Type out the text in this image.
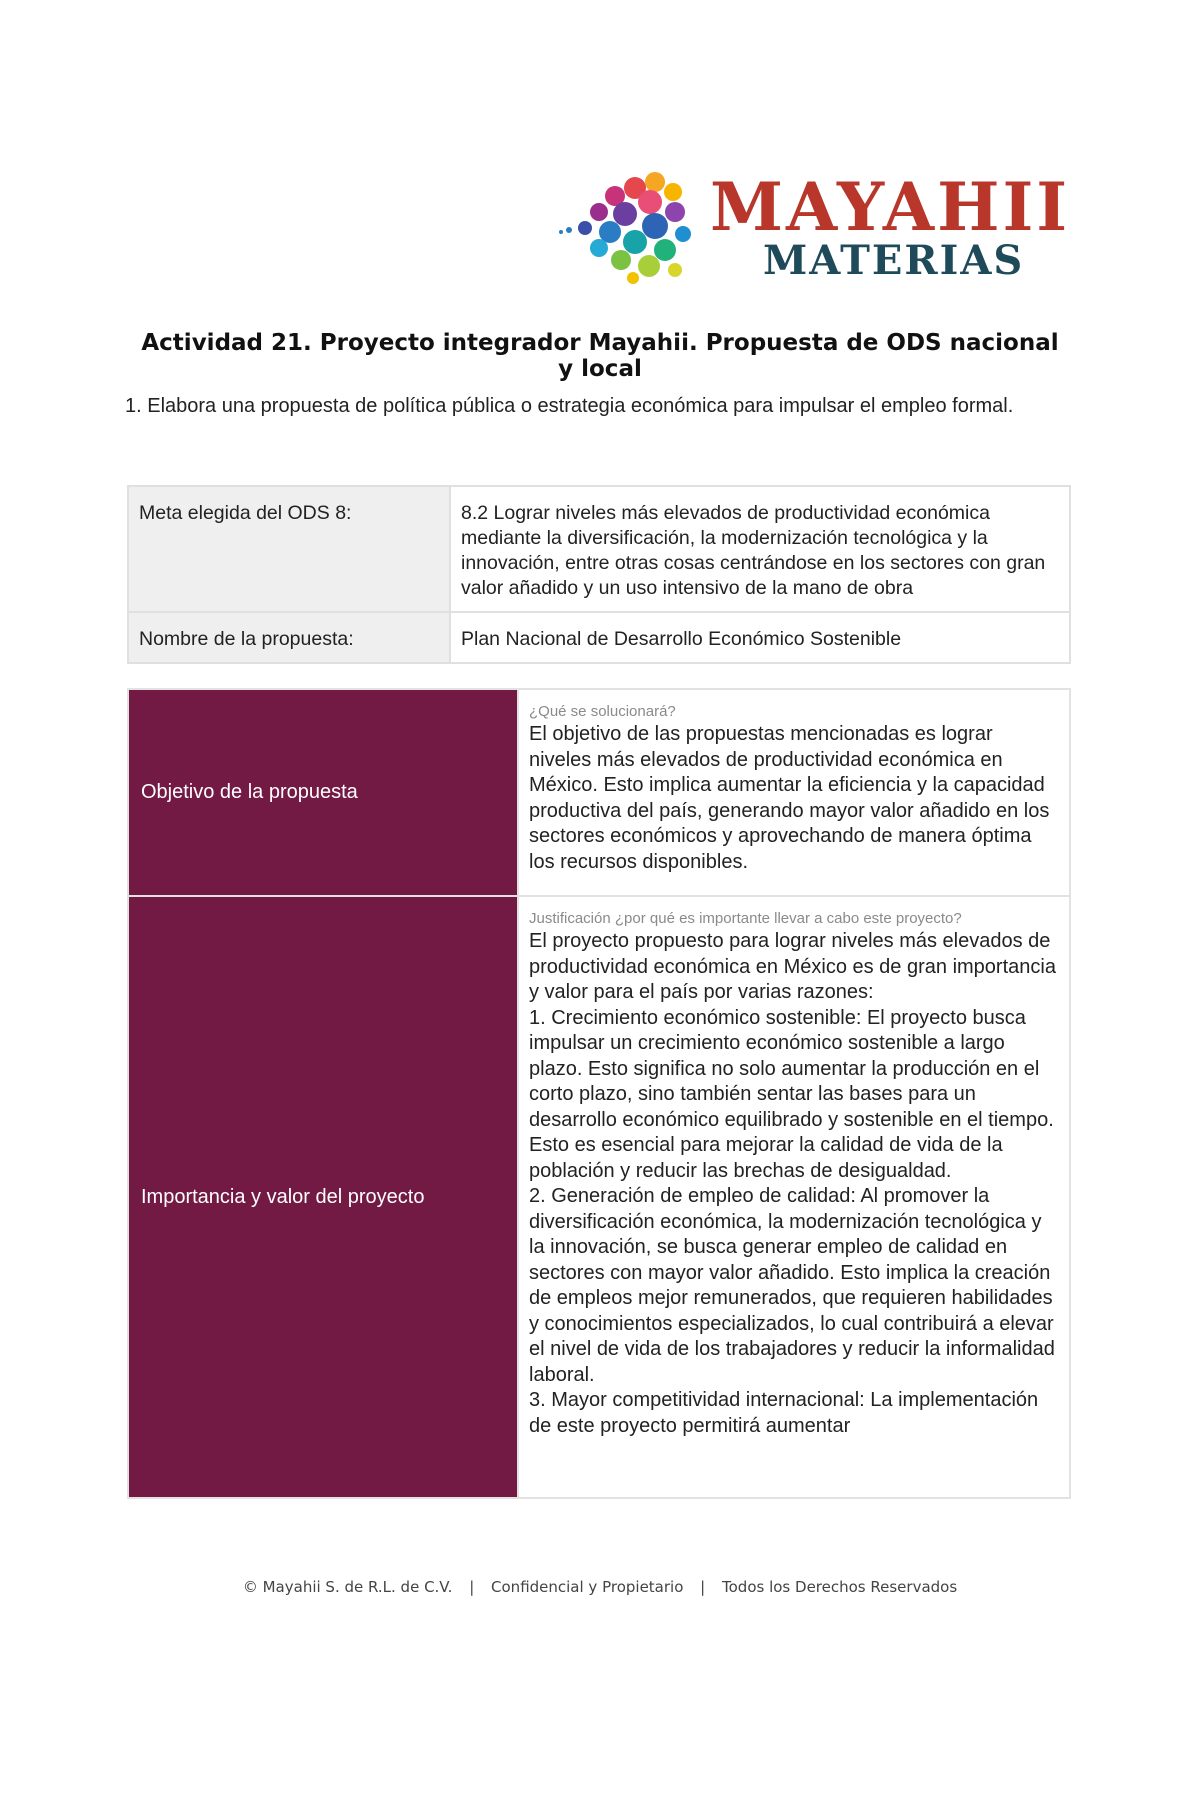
MAYAHII
MATERIAS
Actividad 21. Proyecto integrador Mayahii. Propuesta de ODS nacional y local
1. Elabora una propuesta de política pública o estrategia económica para impulsar el empleo formal.
Meta elegida del ODS 8:	8.2 Lograr niveles más elevados de productividad económica mediante la diversificación, la modernización tecnológica y la innovación, entre otras cosas centrándose en los sectores con gran valor añadido y un uso intensivo de la mano de obra
Nombre de la propuesta:	Plan Nacional de Desarrollo Económico Sostenible
Objetivo de la propuesta	¿Qué se solucionará?
El objetivo de las propuestas mencionadas es lograr niveles más elevados de productividad económica en México. Esto implica aumentar la eficiencia y la capacidad productiva del país, generando mayor valor añadido en los sectores económicos y aprovechando de manera óptima los recursos disponibles.

Importancia y valor del proyecto	Justificación ¿por qué es importante llevar a cabo este proyecto?
El proyecto propuesto para lograr niveles más elevados de productividad económica en México es de gran importancia y valor para el país por varias razones:
1. Crecimiento económico sostenible: El proyecto busca impulsar un crecimiento económico sostenible a largo plazo. Esto significa no solo aumentar la producción en el corto plazo, sino también sentar las bases para un desarrollo económico equilibrado y sostenible en el tiempo. Esto es esencial para mejorar la calidad de vida de la población y reducir las brechas de desigualdad.
2. Generación de empleo de calidad: Al promover la diversificación económica, la modernización tecnológica y la innovación, se busca generar empleo de calidad en sectores con mayor valor añadido. Esto implica la creación de empleos mejor remunerados, que requieren habilidades y conocimientos especializados, lo cual contribuirá a elevar el nivel de vida de los trabajadores y reducir la informalidad laboral.
3. Mayor competitividad internacional: La implementación de este proyecto permitirá aumentar
© Mayahii S. de R.L. de C.V. | Confidencial y Propietario | Todos los Derechos Reservados
